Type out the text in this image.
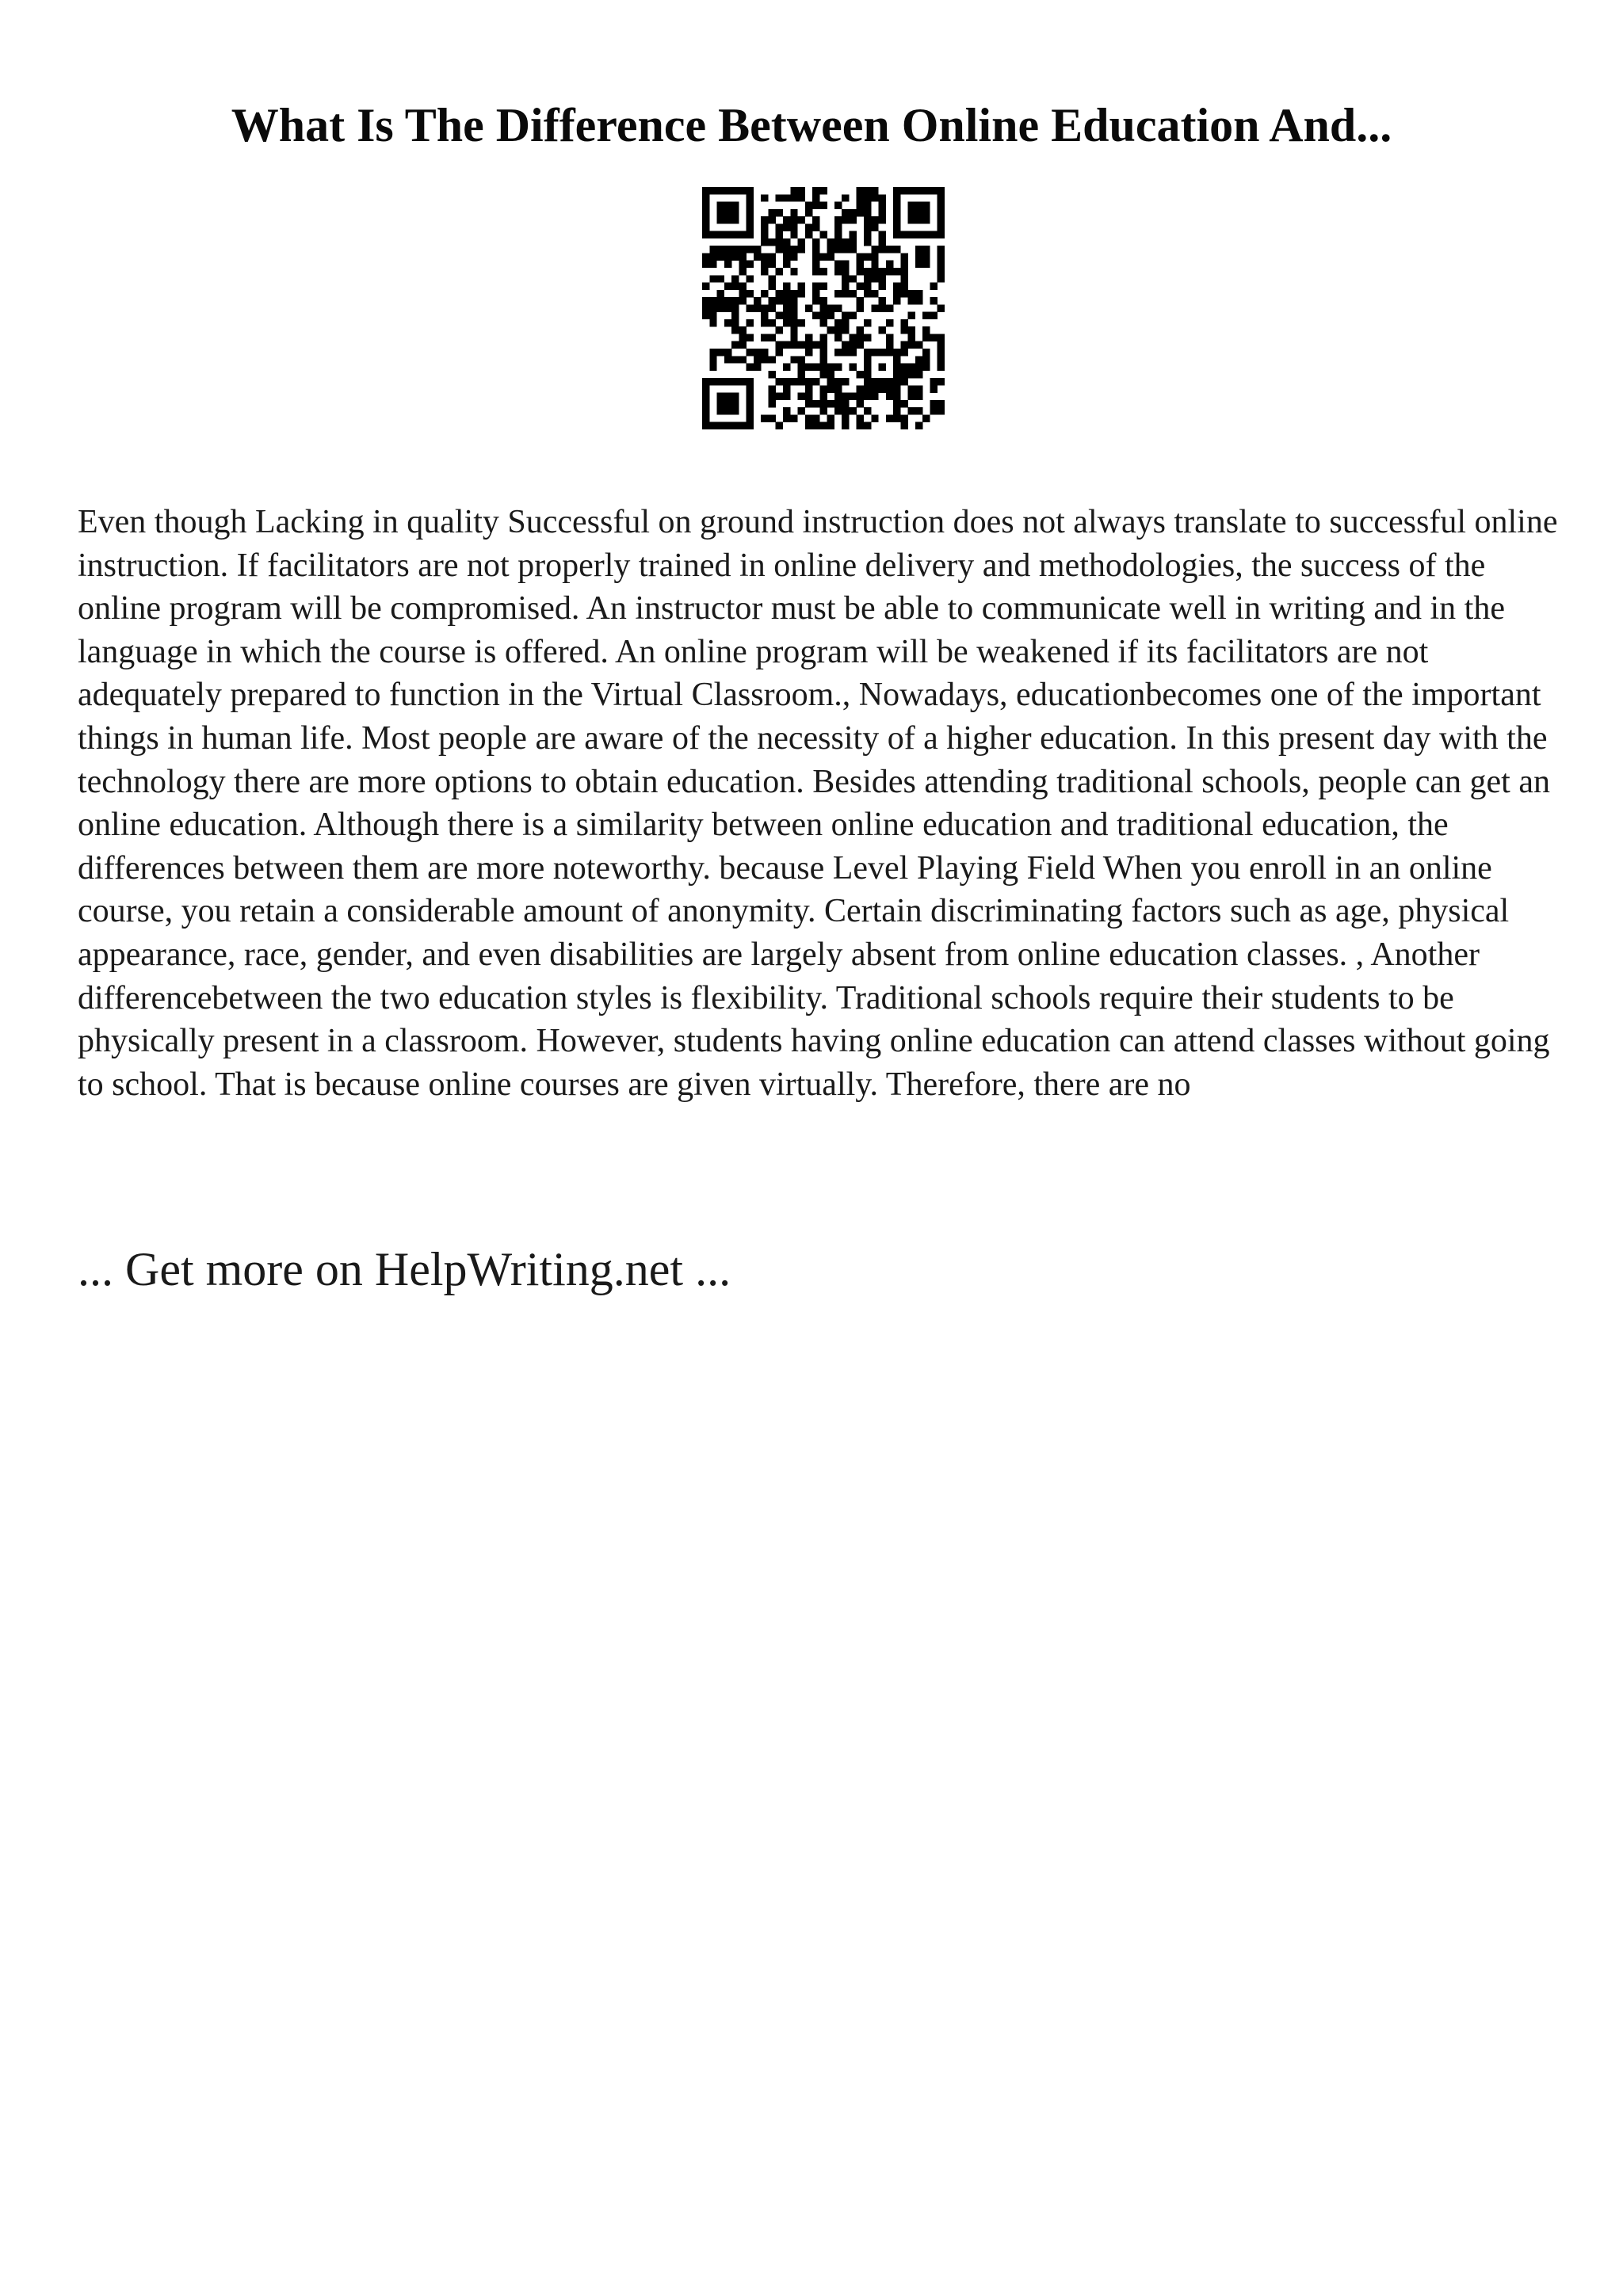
What Is The Difference Between Online Education And...

Even though Lacking in quality Successful on ground instruction does not always translate to successful online instruction. If facilitators are not properly trained in online delivery and methodologies, the success of the online program will be compromised. An instructor must be able to communicate well in writing and in the language in which the course is offered. An online program will be weakened if its facilitators are not adequately prepared to function in the Virtual Classroom., Nowadays, educationbecomes one of the important things in human life. Most people are aware of the necessity of a higher education. In this present day with the technology there are more options to obtain education. Besides attending traditional schools, people can get an online education. Although there is a similarity between online education and traditional education, the differences between them are more noteworthy. because Level Playing Field When you enroll in an online course, you retain a considerable amount of anonymity. Certain discriminating factors such as age, physical appearance, race, gender, and even disabilities are largely absent from online education classes. , Another differencebetween the two education styles is flexibility. Traditional schools require their students to be physically present in a classroom. However, students having online education can attend classes without going to school. That is because online courses are given virtually. Therefore, there are no

... Get more on HelpWriting.net ...
